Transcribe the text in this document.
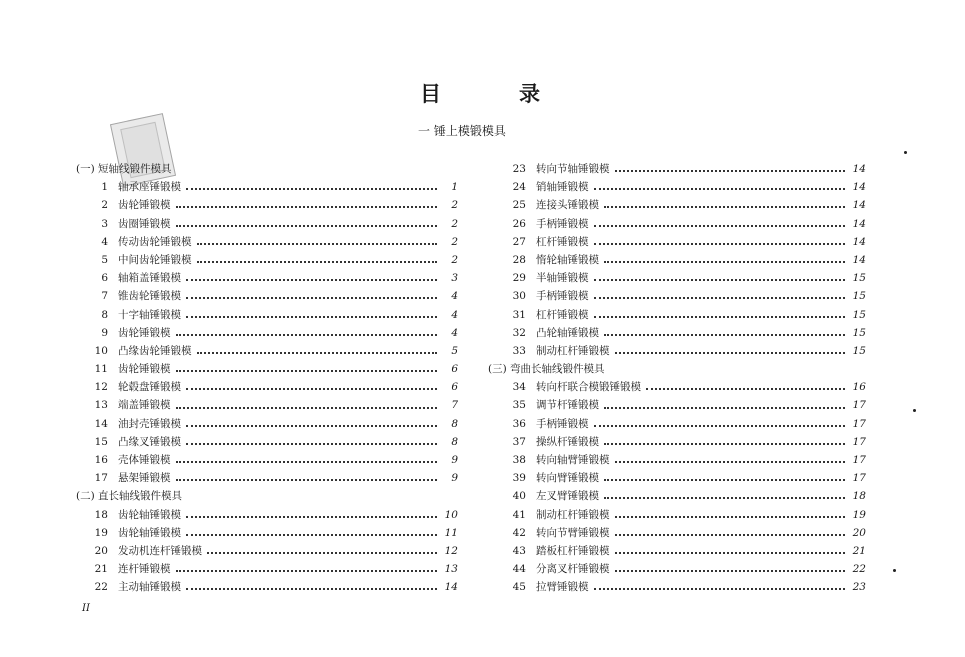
目	录
一 锤上模锻模具
(一) 短轴线锻件模具
1 轴承座锤锻模	1
2 齿轮锤锻模	2
3 齿圈锤锻模	2
4 传动齿轮锤锻模	2
5 中间齿轮锤锻模	2
6 轴箱盖锤锻模	3
7 锥齿轮锤锻模	4
8 十字轴锤锻模	4
9 齿轮锤锻模	4
10 凸缘齿轮锤锻模	5
11 齿轮锤锻模	6
12 轮毂盘锤锻模	6
13 端盖锤锻模	7
14 油封壳锤锻模	8
15 凸缘叉锤锻模	8
16 壳体锤锻模	9
17 悬架锤锻模	9
(二) 直长轴线锻件模具
18 齿轮轴锤锻模	10
19 齿轮轴锤锻模	11
20 发动机连杆锤锻模	12
21 连杆锤锻模	13
22 主动轴锤锻模	14
23 转向节轴锤锻模	14
24 销轴锤锻模	14
25 连接头锤锻模	14
26 手柄锤锻模	14
27 杠杆锤锻模	14
28 惰轮轴锤锻模	14
29 半轴锤锻模	15
30 手柄锤锻模	15
31 杠杆锤锻模	15
32 凸轮轴锤锻模	15
33 制动杠杆锤锻模	15
(三) 弯曲长轴线锻件模具
34 转向杆联合模锻锤锻模	16
35 调节杆锤锻模	17
36 手柄锤锻模	17
37 操纵杆锤锻模	17
38 转向轴臂锤锻模	17
39 转向臂锤锻模	17
40 左叉臂锤锻模	18
41 制动杠杆锤锻模	19
42 转向节臂锤锻模	20
43 踏板杠杆锤锻模	21
44 分离叉杆锤锻模	22
45 拉臂锤锻模	23
II
